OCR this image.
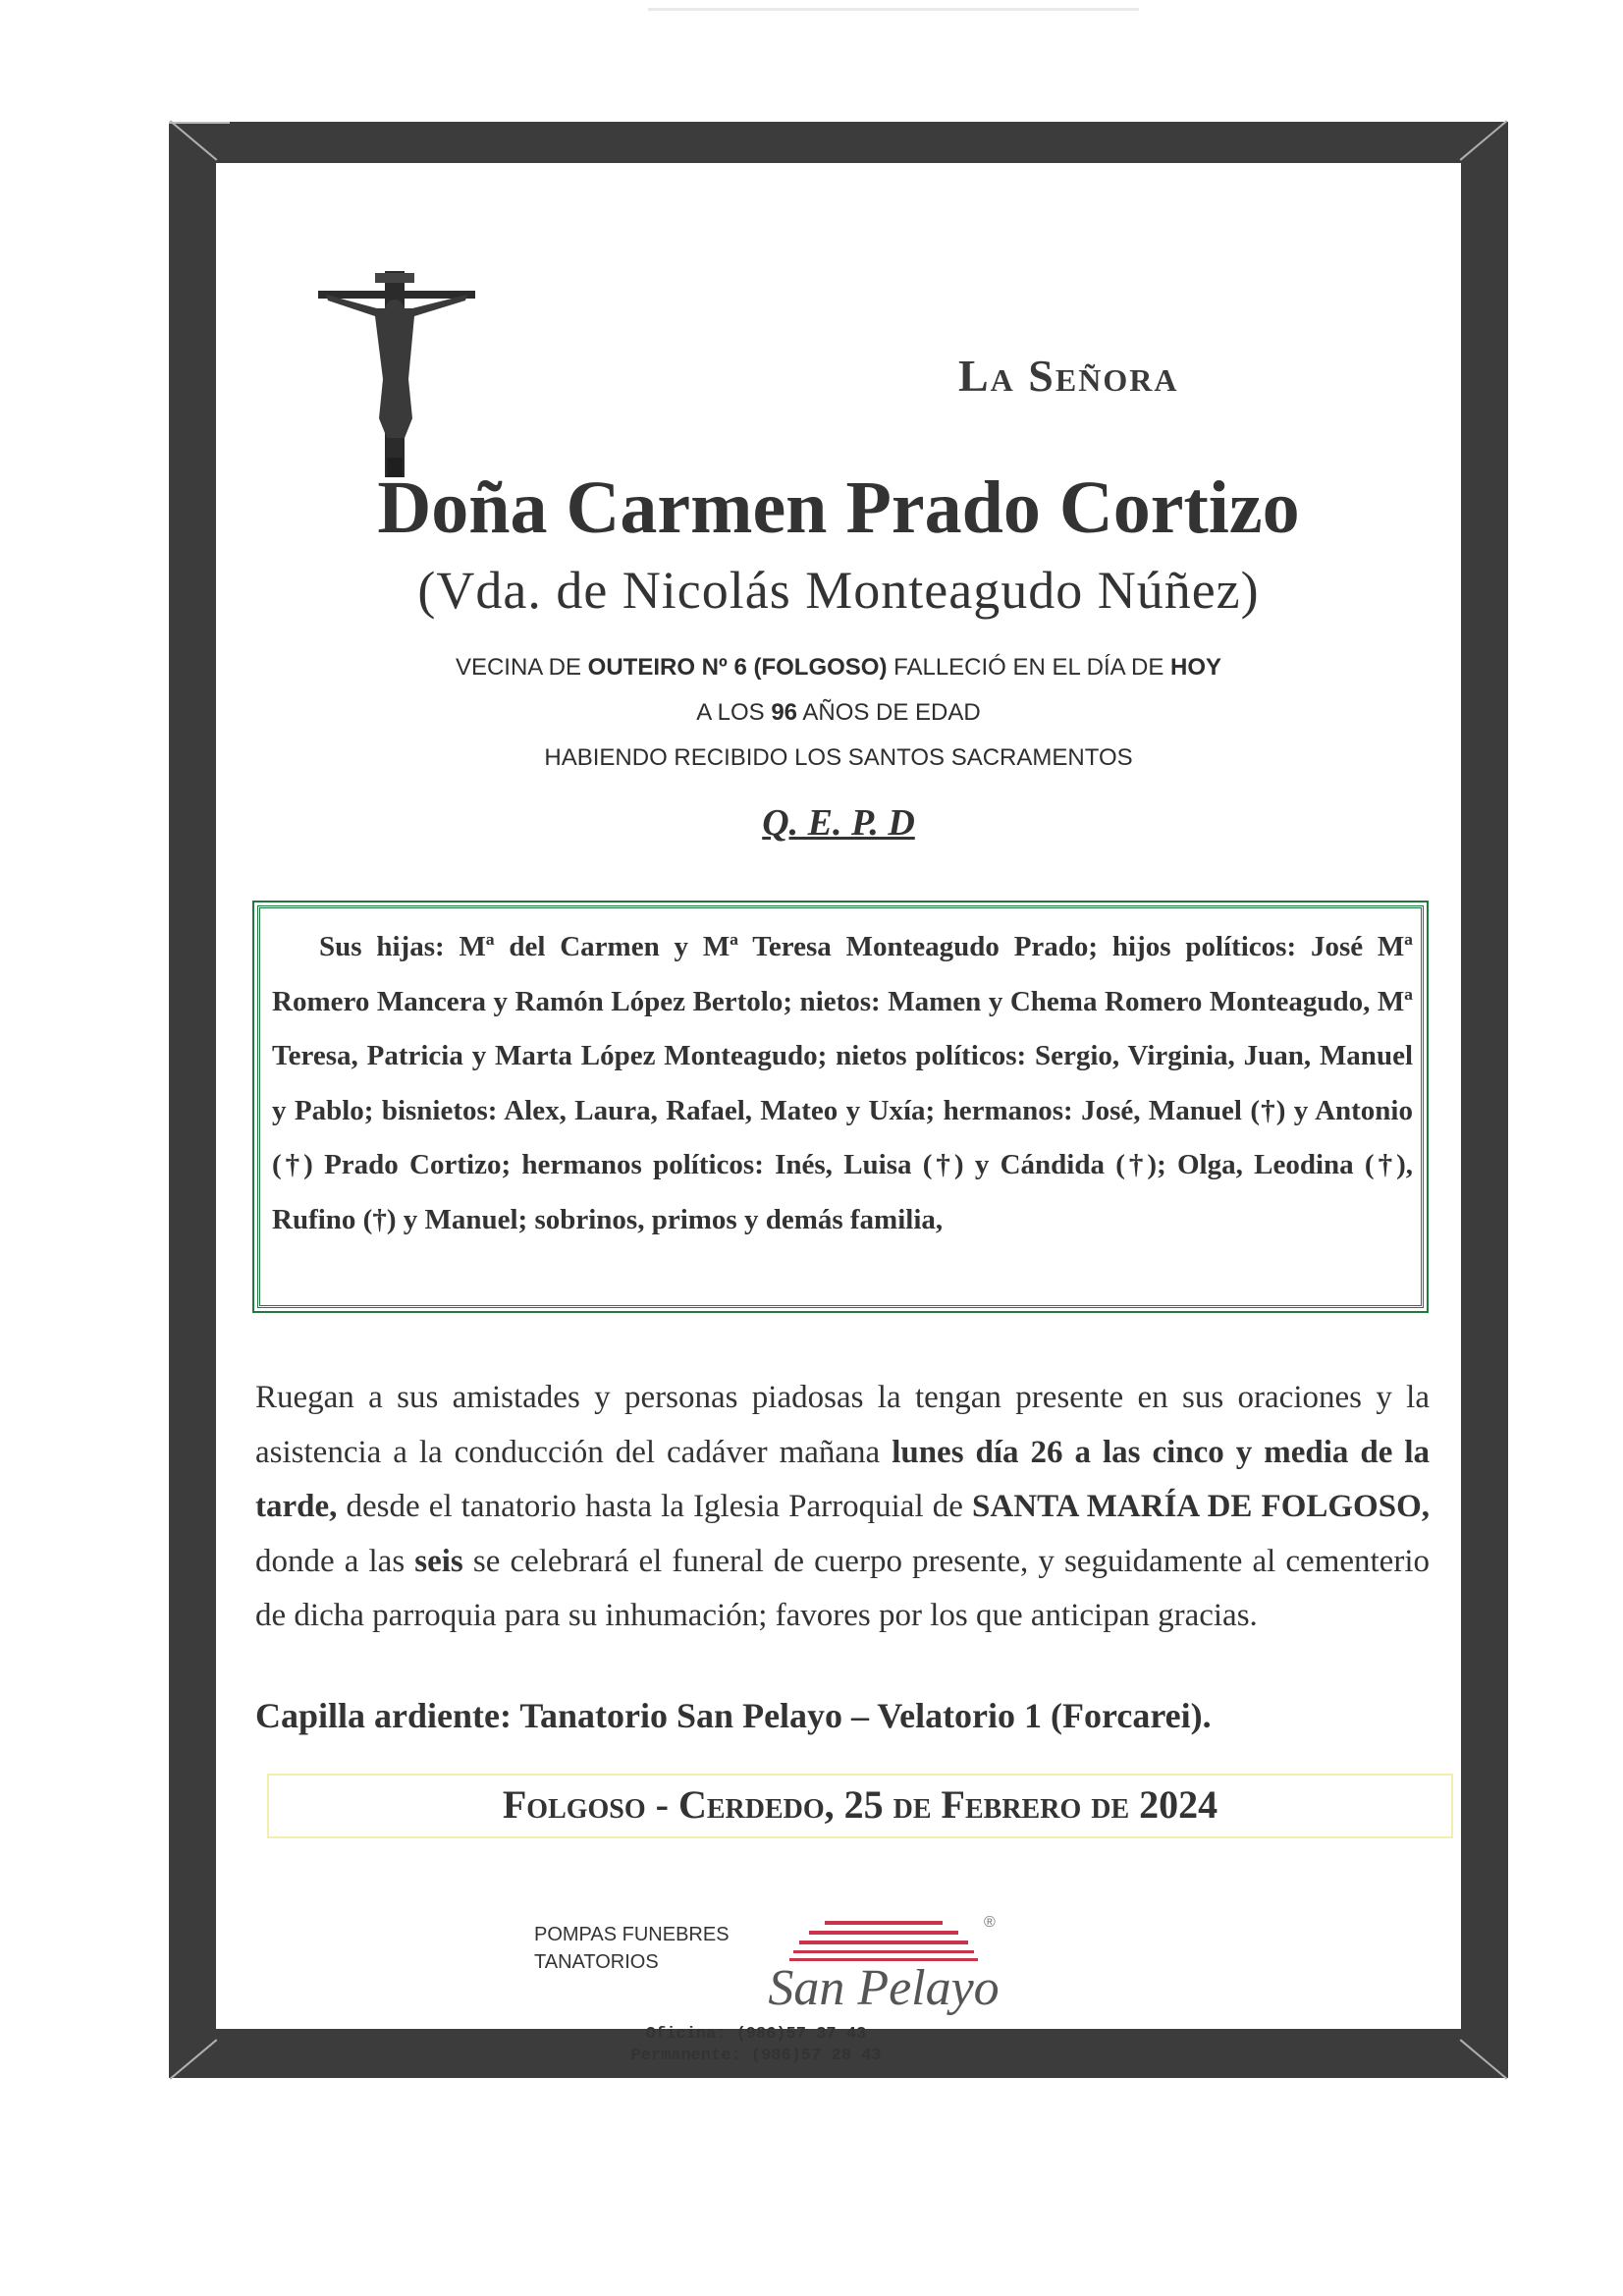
La Señora
Doña Carmen Prado Cortizo
(Vda. de Nicolás Monteagudo Núñez)
VECINA DE OUTEIRO Nº 6 (FOLGOSO) FALLECIÓ EN EL DÍA DE HOY
A LOS 96 AÑOS DE EDAD
HABIENDO RECIBIDO LOS SANTOS SACRAMENTOS
Q. E. P. D

Sus hijas: Mª del Carmen y Mª Teresa Monteagudo Prado; hijos políticos: José Mª Romero Mancera y Ramón López Bertolo; nietos: Mamen y Chema Romero Monteagudo, Mª Teresa, Patricia y Marta López Monteagudo; nietos políticos: Sergio, Virginia, Juan, Manuel y Pablo; bisnietos: Alex, Laura, Rafael, Mateo y Uxía; hermanos: José, Manuel (†) y Antonio (†) Prado Cortizo; hermanos políticos: Inés, Luisa (†) y Cándida (†); Olga, Leodina (†), Rufino (†) y Manuel; sobrinos, primos y demás familia,

Ruegan a sus amistades y personas piadosas la tengan presente en sus oraciones y la asistencia a la conducción del cadáver mañana lunes día 26 a las cinco y media de la tarde, desde el tanatorio hasta la Iglesia Parroquial de SANTA MARÍA DE FOLGOSO, donde a las seis se celebrará el funeral de cuerpo presente, y seguidamente al cementerio de dicha parroquia para su inhumación; favores por los que anticipan gracias.

Capilla ardiente: Tanatorio San Pelayo – Velatorio 1 (Forcarei).

Folgoso - Cerdedo, 25 de Febrero de 2024
POMPAS FUNEBRES
TANATORIOS	San Pelayo
®
Oficina: (986)57 37 43
Permanente: (986)57 28 43
